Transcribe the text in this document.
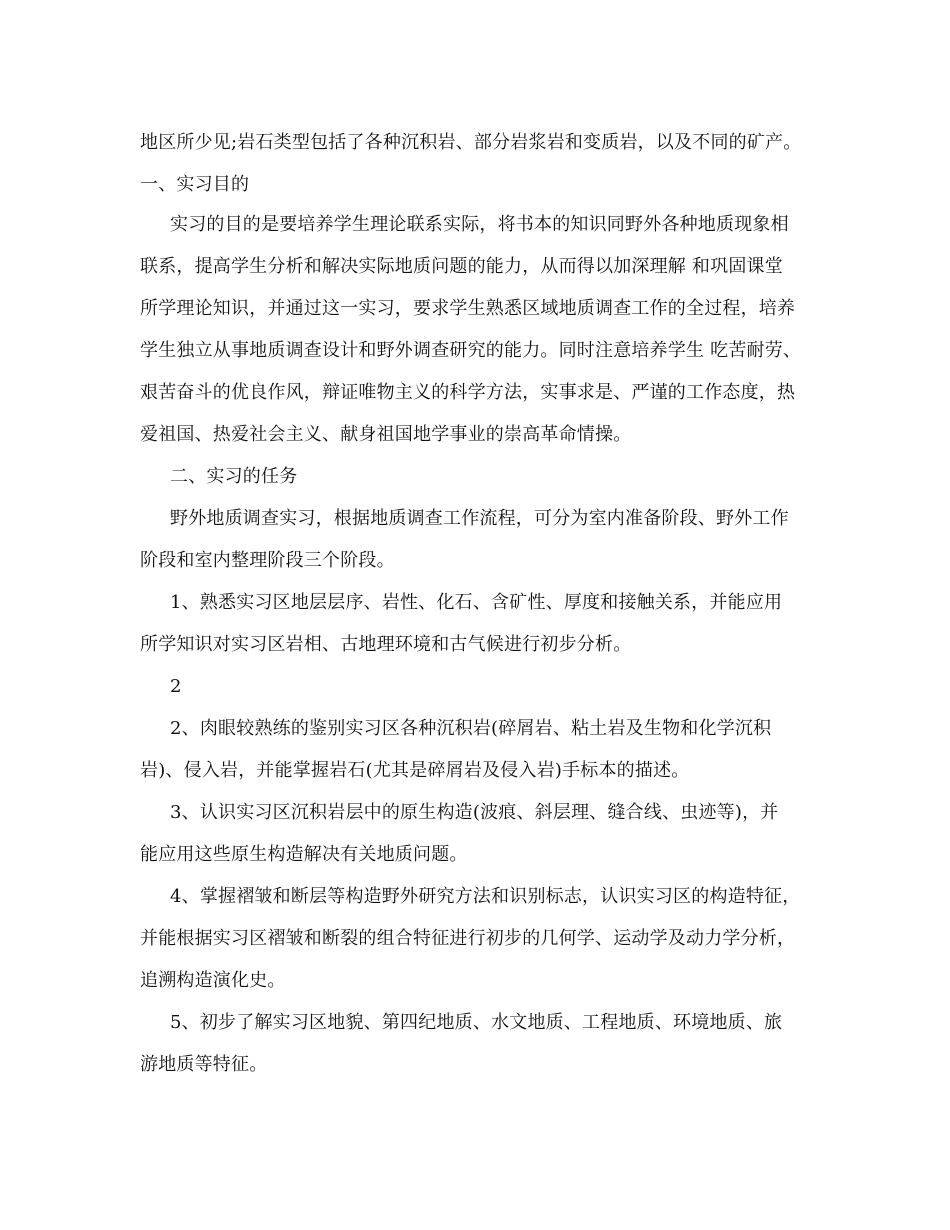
地区所少见;岩石类型包括了各种沉积岩、部分岩浆岩和变质岩，以及不同的矿产。
一、实习目的
实习的目的是要培养学生理论联系实际，将书本的知识同野外各种地质现象相
联系，提高学生分析和解决实际地质问题的能力，从而得以加深理解 和巩固课堂
所学理论知识，并通过这一实习，要求学生熟悉区域地质调查工作的全过程，培养
学生独立从事地质调查设计和野外调查研究的能力。同时注意培养学生 吃苦耐劳、
艰苦奋斗的优良作风，辩证唯物主义的科学方法，实事求是、严谨的工作态度，热
爱祖国、热爱社会主义、献身祖国地学事业的崇高革命情操。
二、实习的任务
野外地质调查实习，根据地质调查工作流程，可分为室内准备阶段、野外工作
阶段和室内整理阶段三个阶段。
1、熟悉实习区地层层序、岩性、化石、含矿性、厚度和接触关系，并能应用
所学知识对实习区岩相、古地理环境和古气候进行初步分析。
2
2、肉眼较熟练的鉴别实习区各种沉积岩(碎屑岩、粘土岩及生物和化学沉积
岩)、侵入岩，并能掌握岩石(尤其是碎屑岩及侵入岩)手标本的描述。
3、认识实习区沉积岩层中的原生构造(波痕、斜层理、缝合线、虫迹等)，并
能应用这些原生构造解决有关地质问题。
4、掌握褶皱和断层等构造野外研究方法和识别标志，认识实习区的构造特征，
并能根据实习区褶皱和断裂的组合特征进行初步的几何学、运动学及动力学分析，
追溯构造演化史。
5、初步了解实习区地貌、第四纪地质、水文地质、工程地质、环境地质、旅
游地质等特征。
